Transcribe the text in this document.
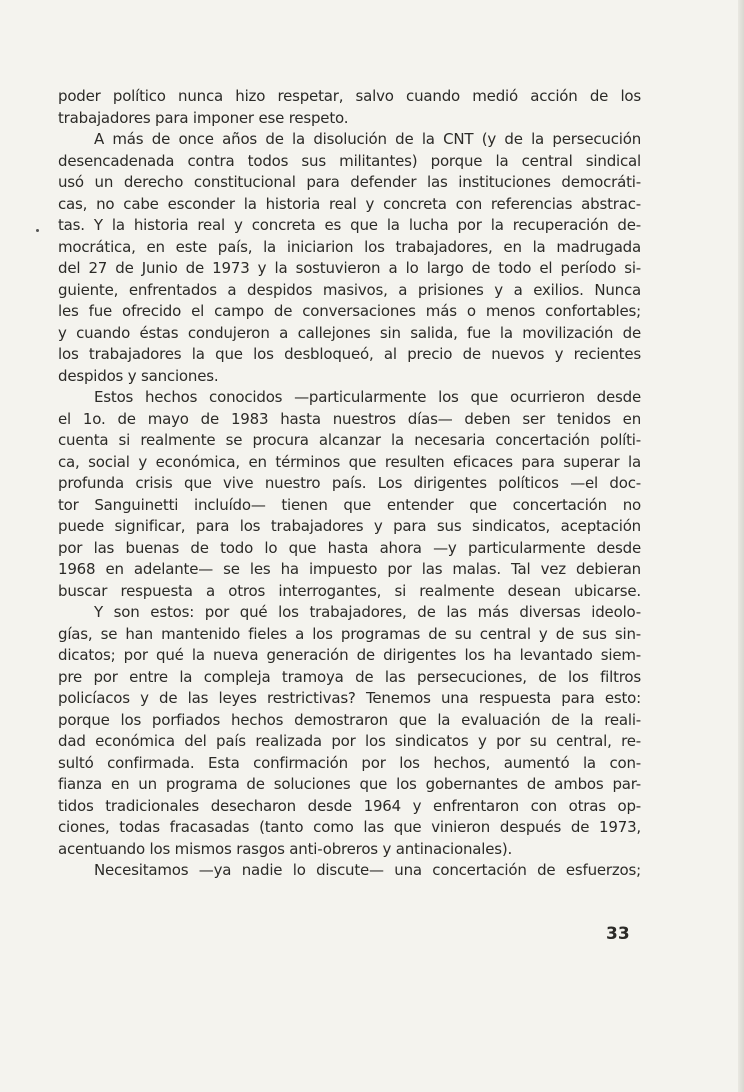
poder político nunca hizo respetar, salvo cuando medió acción de los
trabajadores para imponer ese respeto.
A más de once años de la disolución de la CNT (y de la persecución
desencadenada contra todos sus militantes) porque la central sindical
usó un derecho constitucional para defender las instituciones democráti-
cas, no cabe esconder la historia real y concreta con referencias abstrac-
tas. Y la historia real y concreta es que la lucha por la recuperación de-
mocrática, en este país, la iniciarion los trabajadores, en la madrugada
del 27 de Junio de 1973 y la sostuvieron a lo largo de todo el período si-
guiente, enfrentados a despidos masivos, a prisiones y a exilios. Nunca
les fue ofrecido el campo de conversaciones más o menos confortables;
y cuando éstas condujeron a callejones sin salida, fue la movilización de
los trabajadores la que los desbloqueó, al precio de nuevos y recientes
despidos y sanciones.
Estos hechos conocidos —particularmente los que ocurrieron desde
el 1o. de mayo de 1983 hasta nuestros días— deben ser tenidos en
cuenta si realmente se procura alcanzar la necesaria concertación políti-
ca, social y económica, en términos que resulten eficaces para superar la
profunda crisis que vive nuestro país. Los dirigentes políticos —el doc-
tor Sanguinetti incluído— tienen que entender que concertación no
puede significar, para los trabajadores y para sus sindicatos, aceptación
por las buenas de todo lo que hasta ahora —y particularmente desde
1968 en adelante— se les ha impuesto por las malas. Tal vez debieran
buscar respuesta a otros interrogantes, si realmente desean ubicarse.
Y son estos: por qué los trabajadores, de las más diversas ideolo-
gías, se han mantenido fieles a los programas de su central y de sus sin-
dicatos; por qué la nueva generación de dirigentes los ha levantado siem-
pre por entre la compleja tramoya de las persecuciones, de los filtros
policíacos y de las leyes restrictivas? Tenemos una respuesta para esto:
porque los porfiados hechos demostraron que la evaluación de la reali-
dad económica del país realizada por los sindicatos y por su central, re-
sultó confirmada. Esta confirmación por los hechos, aumentó la con-
fianza en un programa de soluciones que los gobernantes de ambos par-
tidos tradicionales desecharon desde 1964 y enfrentaron con otras op-
ciones, todas fracasadas (tanto como las que vinieron después de 1973,
acentuando los mismos rasgos anti-obreros y antinacionales).
Necesitamos —ya nadie lo discute— una concertación de esfuerzos;
33
